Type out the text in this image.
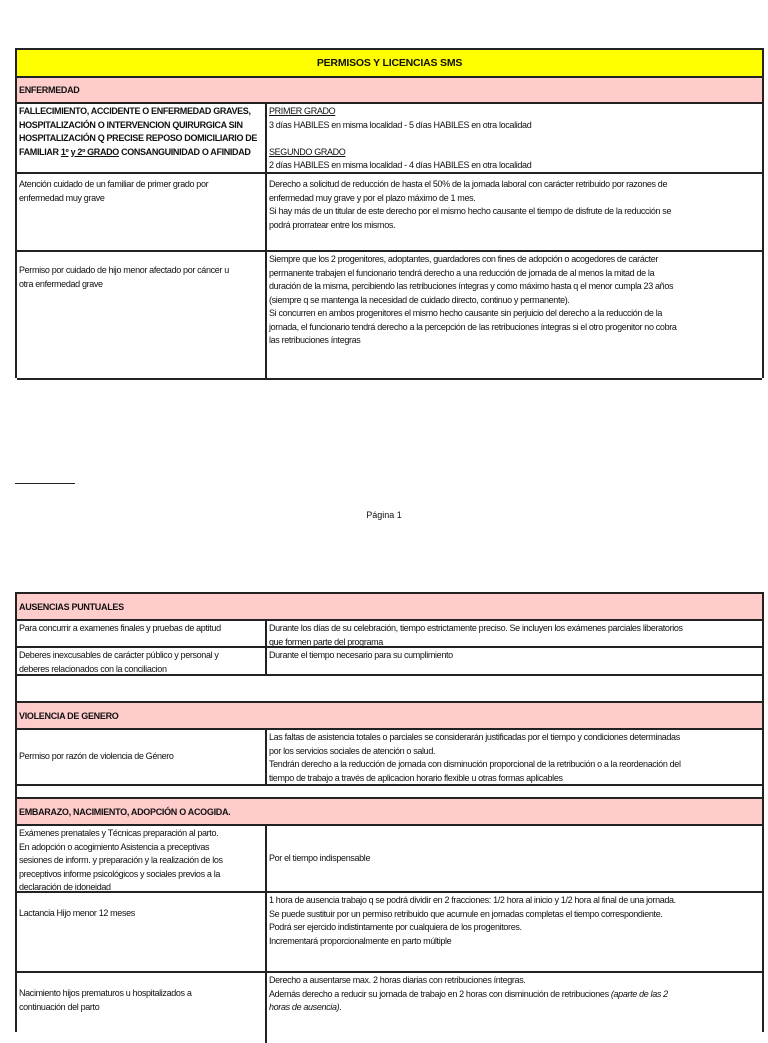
PERMISOS Y LICENCIAS SMS
ENFERMEDAD
FALLECIMIENTO, ACCIDENTE O ENFERMEDAD GRAVES,
HOSPITALIZACIÓN O INTERVENCION QUIRURGICA SIN
HOSPITALIZACIÓN Q PRECISE REPOSO DOMICILIARIO DE
FAMILIAR 1º y 2º GRADO CONSANGUINIDAD O AFINIDAD
PRIMER GRADO
3 días HABILES en misma localidad - 5 días HABILES en otra localidad
SEGUNDO GRADO
2 días HABILES en misma localidad - 4 días HABILES en otra localidad
Atención cuidado de un familiar de primer grado por
enfermedad muy grave
Derecho a solicitud de reducción de hasta el 50% de la jornada laboral con carácter retribuido por razones de
enfermedad muy grave y por el plazo máximo de 1 mes.
Si hay más de un titular de este derecho por el mismo hecho causante el tiempo de disfrute de la reducción se
podrá prorratear entre los mismos.
Permiso por cuidado de hijo menor afectado por cáncer u
otra enfermedad grave
Siempre que los 2 progenitores, adoptantes, guardadores con fines de adopción o acogedores de carácter
permanente trabajen el funcionario tendrá derecho a una reducción de jornada de al menos la mitad de la
duración de la misma, percibiendo las retribuciones íntegras y como máximo hasta q el menor cumpla 23 años
(siempre q se mantenga la necesidad de cuidado directo, continuo y permanente).
Si concurren en ambos progenitores el mismo hecho causante sin perjuicio del derecho a la reducción de la
jornada, el funcionario tendrá derecho a la percepción de las retribuciones íntegras si el otro progenitor no cobra
las retribuciones íntegras
Página 1
AUSENCIAS PUNTUALES
Para concurrir a examenes finales y pruebas de aptitud	Durante los días de su celebración, tiempo estrictamente preciso. Se incluyen los exámenes parciales liberatorios
que formen parte del programa
Deberes inexcusables de carácter público y personal y
deberes relacionados con la conciliacion
Durante el tiempo necesario para su cumplimiento
VIOLENCIA DE GENERO
Permiso por razón de violencia de Género
Las faltas de asistencia totales o parciales se considerarán justificadas por el tiempo y condiciones determinadas
por los servicios sociales de atención o salud.
Tendrán derecho a la reducción de jornada con disminución proporcional de la retribución o a la reordenación del
tiempo de trabajo a través de aplicacion horario flexible u otras formas aplicables
EMBARAZO, NACIMIENTO, ADOPCIÓN O ACOGIDA.
Exámenes prenatales y Técnicas preparación al parto.
En adopción o acogimiento Asistencia a preceptivas
sesiones de inform. y preparación y la realización de los
preceptivos informe psicológicos y sociales previos a la
declaración de idoneidad
Por el tiempo indispensable
Lactancia Hijo menor 12 meses
1 hora de ausencia trabajo q se podrá dividir en 2 fracciones: 1/2 hora al inicio y 1/2 hora al final de una jornada.
Se puede sustituir por un permiso retribuido que acumule en jornadas completas el tiempo correspondiente.
Podrá ser ejercido indistintamente por cualquiera de los progenitores.
Incrementará proporcionalmente en parto múltiple
Nacimiento hijos prematuros u hospitalizados a
continuación del parto
Derecho a ausentarse max. 2 horas diarias con retribuciones íntegras.
Además derecho a reducir su jornada de trabajo en 2 horas con disminución de retribuciones (aparte de las 2
horas de ausencia).
